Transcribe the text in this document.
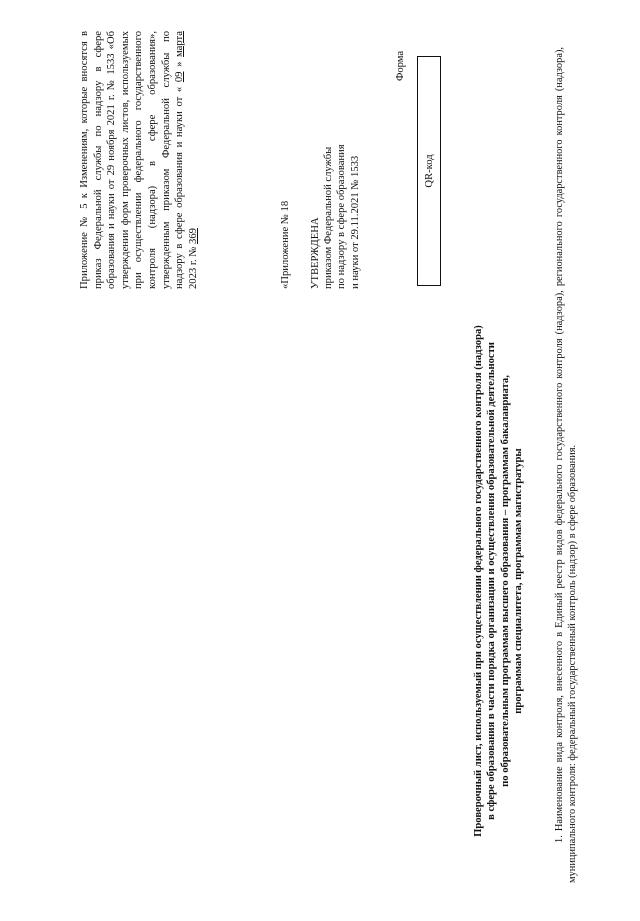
Приложение № 5 к Изменениям, которые вносятся в приказ Федеральной службы по надзору в сфере образования и науки от 29 ноября 2021 г. № 1533 «Об утверждении форм проверочных листов, используемых при осуществлении федерального государственного контроля (надзора) в сфере образования», утвержденным приказом Федеральной службы по надзору в сфере образования и науки от « 09 » марта 2023 г. № 369	«Приложение № 18 УТВЕРЖДЕНА приказом Федеральной службы по надзору в сфере образования и науки от 29.11.2021 № 1533
Форма
QR-код
Проверочный лист, используемый при осуществлении федерального государственного контроля (надзора) в сфере образования в части порядка организации и осуществления образовательной деятельности по образовательным программам высшего образования – программам бакалавриата, программам специалитета, программам магистратуры	1. Наименование вида контроля, внесенного в Единый реестр видов федерального государственного контроля (надзора), регионального государственного контроля (надзора), муниципального контроля: федеральный государственный контроль (надзор) в сфере образования.
